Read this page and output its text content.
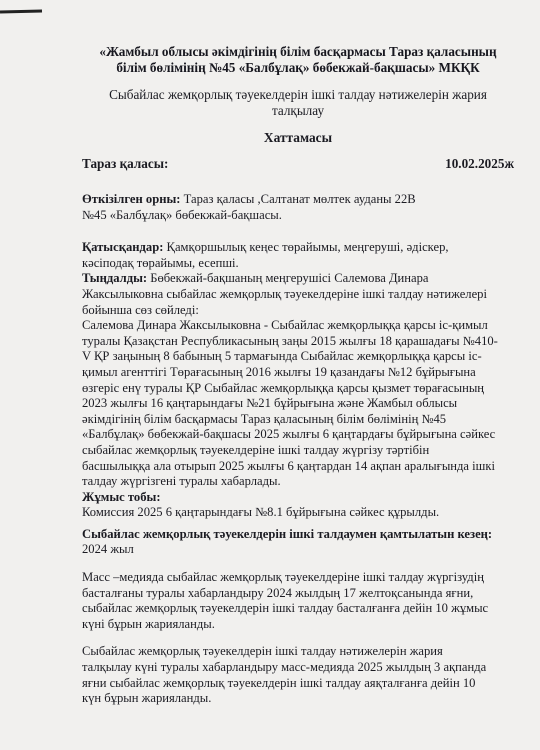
«Жамбыл облысы әкімдігінің білім басқармасы Тараз қаласының
білім бөлімінің №45 «Балбұлақ» бөбекжай-бақшасы» МКҚК
Сыбайлас жемқорлық тәуекелдерін ішкі талдау нәтижелерін жария талқылау
Хаттамасы
Тараз қаласы:	10.02.2025ж

Өткізілген орны: Тараз қаласы ,Салтанат мөлтек ауданы 22В

№45 «Балбұлақ» бөбекжай-бақшасы.

Қатысқандар: Қамқоршылық кеңес төрайымы, меңгеруші, әдіскер,

кәсіподақ төрайымы, есепші.

Тыңдалды: Бөбекжай-бақшаның меңгерушісі Салемова Динара

Жаксылыковна сыбайлас жемқорлық тәуекелдеріне ішкі талдау нәтижелері

бойынша сөз сөйледі:

Салемова Динара Жаксылыковна - Сыбайлас жемқорлыққа қарсы іс-қимыл

туралы Қазақстан Республикасының заңы 2015 жылғы 18 қарашадағы №410-

V ҚР заңының 8 бабының 5 тармағында Сыбайлас жемқорлыққа қарсы іс-

қимыл агенттігі Төрағасының 2016 жылғы 19 қазандағы №12 бұйрығына

өзгеріс енү туралы ҚР Сыбайлас жемқорлыққа қарсы қызмет төрағасының

2023 жылғы 16 қаңтарындағы №21 бұйрығына және Жамбыл облысы

әкімдігінің білім басқармасы Тараз қаласының білім бөлімінің №45

«Балбұлақ» бөбекжай-бақшасы 2025 жылғы 6 қаңтардағы бұйрығына сәйкес

сыбайлас жемқорлық тәуекелдеріне ішкі талдау жүргізу тәртібін

басшылыққа ала отырып 2025 жылғы 6 қаңтардан 14 ақпан аралығында ішкі

талдау жүргізгені туралы хабарлады.

Жұмыс тобы:

Комиссия 2025 6 қаңтарындағы №8.1 бұйрығына сәйкес құрылды.

Сыбайлас жемқорлық тәуекелдерін ішкі талдаумен қамтылатын кезең:

2024 жыл

Масс –медияда сыбайлас жемқорлық тәуекелдеріне ішкі талдау жүргізудің

басталғаны туралы хабарландыру 2024 жылдың 17 желтоқсанында яғни,

сыбайлас жемқорлық тәуекелдерін ішкі талдау басталғанға дейін 10 жұмыс

күні бұрын жарияланды.

Сыбайлас жемқорлық тәуекелдерін ішкі талдау нәтижелерін жария

талқылау күні туралы хабарландыру масс-медияда 2025 жылдың 3 ақпанда

яғни сыбайлас жемқорлық тәуекелдерін ішкі талдау аяқталғанға дейін 10

күн бұрын жарияланды.
